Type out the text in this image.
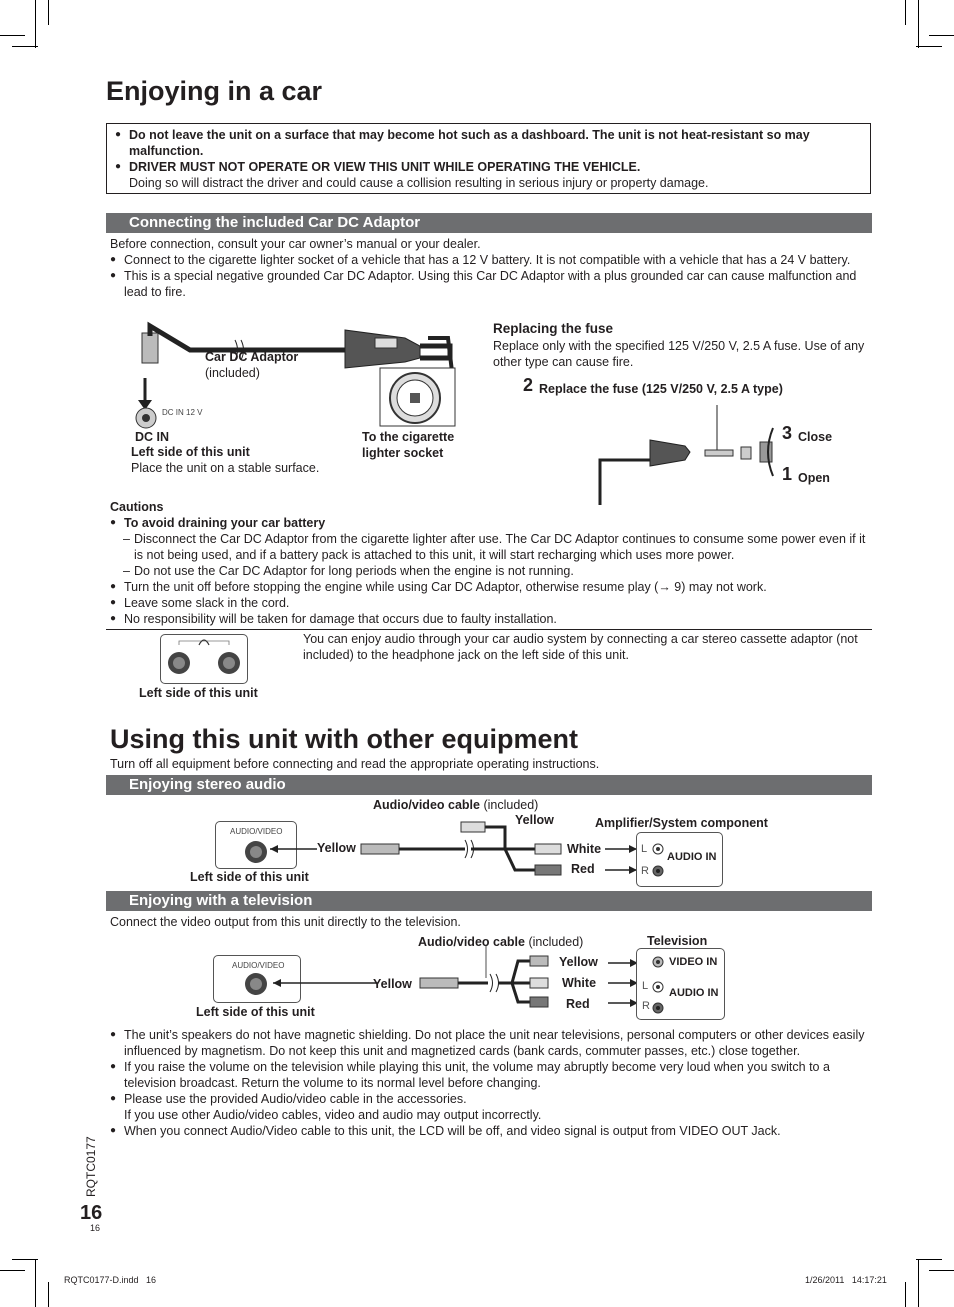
Enjoying in a car
● Do not leave the unit on a surface that may become hot such as a dashboard. The unit is not heat-resistant so may malfunction.
● DRIVER MUST NOT OPERATE OR VIEW THIS UNIT WHILE OPERATING THE VEHICLE.
Doing so will distract the driver and could cause a collision resulting in serious injury or property damage.
Connecting the included Car DC Adaptor
Before connection, consult your car owner’s manual or your dealer.
● Connect to the cigarette lighter socket of a vehicle that has a 12 V battery. It is not compatible with a vehicle that has a 24 V battery.
● This is a special negative grounded Car DC Adaptor. Using this Car DC Adaptor with a plus grounded car can cause malfunction and lead to fire.
DC IN 12 V
Car DC Adaptor
(included)
DC IN
Left side of this unit
Place the unit on a stable surface.
To the cigarette
lighter socket
Replacing the fuse
Replace only with the specified 125 V/250 V, 2.5 A fuse. Use of any other type can cause fire.
2 Replace the fuse (125 V/250 V, 2.5 A type)
3 Close
1 Open
Cautions
● To avoid draining your car battery
– Disconnect the Car DC Adaptor from the cigarette lighter after use. The Car DC Adaptor continues to consume some power even if it is not being used, and if a battery pack is attached to this unit, it will start recharging which uses more power.
– Do not use the Car DC Adaptor for long periods when the engine is not running.
● Turn the unit off before stopping the engine while using Car DC Adaptor, otherwise resume play (→ 9) may not work.
● Leave some slack in the cord.
● No responsibility will be taken for damage that occurs due to faulty installation.
Left side of this unit
You can enjoy audio through your car audio system by connecting a car stereo cassette adaptor (not included) to the headphone jack on the left side of this unit.
Using this unit with other equipment
Turn off all equipment before connecting and read the appropriate operating instructions.
Enjoying stereo audio
Audio/video cable (included)
AUDIO/VIDEO
Left side of this unit
Yellow
Yellow
White
Red
Amplifier/System component
L
R
AUDIO IN
Enjoying with a television
Connect the video output from this unit directly to the television.
Audio/video cable (included)	Television
AUDIO/VIDEO
Left side of this unit
Yellow
Yellow
White
Red
VIDEO IN
L
AUDIO IN
R
● The unit’s speakers do not have magnetic shielding. Do not place the unit near televisions, personal computers or other devices easily influenced by magnetism. Do not keep this unit and magnetized cards (bank cards, commuter passes, etc.) close together.
● If you raise the volume on the television while playing this unit, the volume may abruptly become very loud when you switch to a television broadcast. Return the volume to its normal level before changing.
● Please use the provided Audio/video cable in the accessories.
If you use other Audio/video cables, video and audio may output incorrectly.
● When you connect Audio/Video cable to this unit, the LCD will be off, and video signal is output from VIDEO OUT Jack.
RQTC0177
16
16
RQTC0177-D.indd   16	1/26/2011   14:17:21
